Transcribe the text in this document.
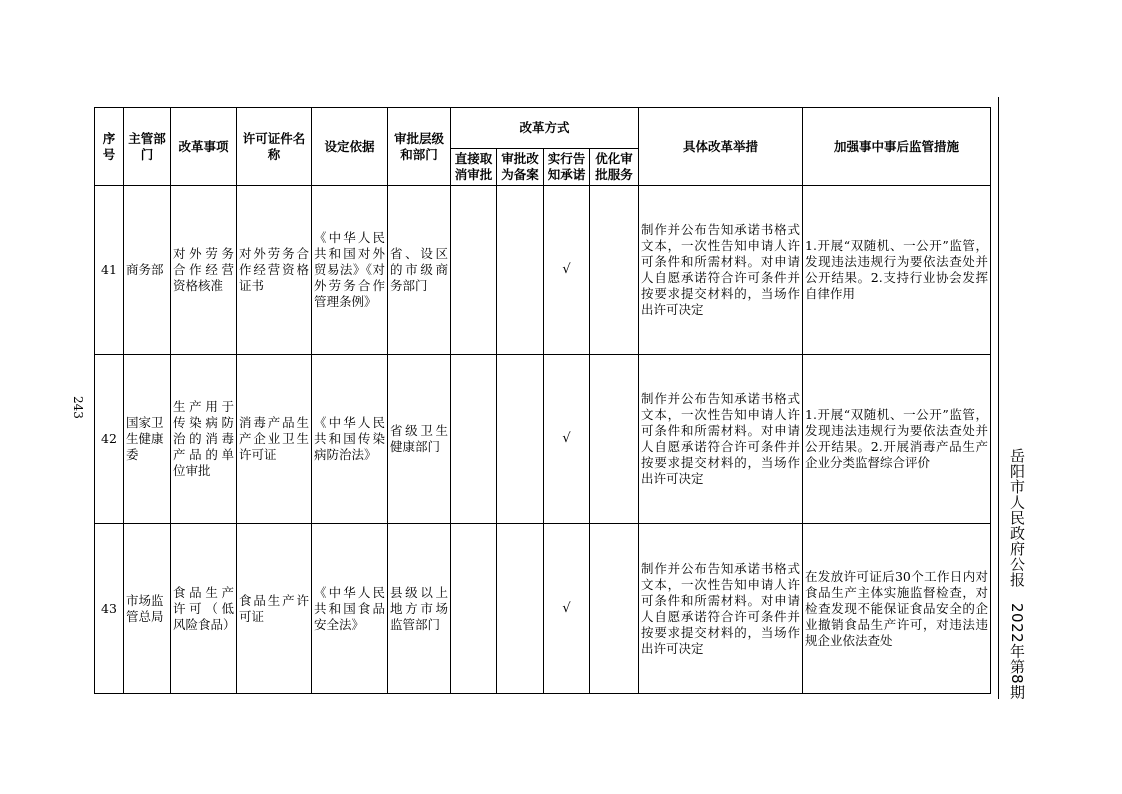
243
序号	主管部门	改革事项	许可证件名称	设定依据	审批层级和部门	改革方式				具体改革举措	加强事中事后监管措施
						直接取消审批	审批改为备案	实行告知承诺	优化审批服务		
41	商务部	对外劳务合作经营资格核准	对外劳务合作经营资格证书	《中华人民共和国对外贸易法》《对外劳务合作管理条例》	省、设区的市级商务部门			√		制作并公布告知承诺书格式文本，一次性告知申请人许可条件和所需材料。对申请人自愿承诺符合许可条件并按要求提交材料的，当场作出许可决定	1.开展“双随机、一公开”监管，发现违法违规行为要依法查处并公开结果。2.支持行业协会发挥自律作用
42	国家卫生健康委	生产用于传染病防治的消毒产品的单位审批	消毒产品生产企业卫生许可证	《中华人民共和国传染病防治法》	省级卫生健康部门			√		制作并公布告知承诺书格式文本，一次性告知申请人许可条件和所需材料。对申请人自愿承诺符合许可条件并按要求提交材料的，当场作出许可决定	1.开展“双随机、一公开”监管，发现违法违规行为要依法查处并公开结果。2.开展消毒产品生产企业分类监督综合评价
43	市场监管总局	食品生产许可（低风险食品）	食品生产许可证	《中华人民共和国食品安全法》	县级以上地方市场监管部门			√		制作并公布告知承诺书格式文本，一次性告知申请人许可条件和所需材料。对申请人自愿承诺符合许可条件并按要求提交材料的，当场作出许可决定	在发放许可证后30个工作日内对食品生产主体实施监督检查，对检查发现不能保证食品安全的企业撤销食品生产许可，对违法违规企业依法查处	岳阳市人民政府公报　2022年第8期
